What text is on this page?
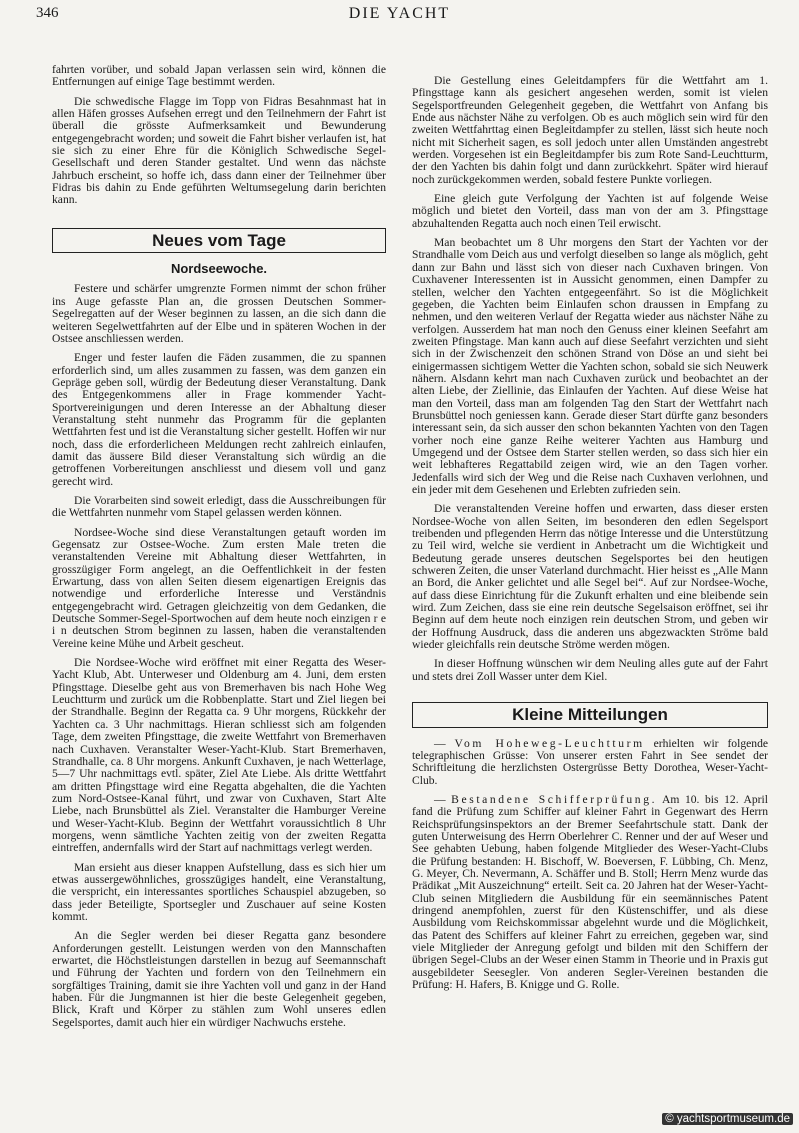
346	DIE YACHT

fahrten vorüber, und sobald Japan verlassen sein wird, können die Entfernungen auf einige Tage bestimmt werden.

Die schwedische Flagge im Topp von Fidras Besahnmast hat in allen Häfen grosses Aufsehen erregt und den Teilnehmern der Fahrt ist überall die grösste Aufmerksamkeit und Bewunderung entgegengebracht worden; und soweit die Fahrt bisher verlaufen ist, hat sie sich zu einer Ehre für die Königlich Schwedische Segel-Gesellschaft und deren Stander gestaltet. Und wenn das nächste Jahrbuch erscheint, so hoffe ich, dass dann einer der Teilnehmer über Fidras bis dahin zu Ende geführten Weltumsegelung darin berichten kann.

Neues vom Tage
Nordseewoche.

Festere und schärfer umgrenzte Formen nimmt der schon früher ins Auge gefasste Plan an, die grossen Deutschen Sommer-Segelregatten auf der Weser beginnen zu lassen, an die sich dann die weiteren Segelwettfahrten auf der Elbe und in späteren Wochen in der Ostsee anschliessen werden.

Enger und fester laufen die Fäden zusammen, die zu spannen erforderlich sind, um alles zusammen zu fassen, was dem ganzen ein Gepräge geben soll, würdig der Bedeutung dieser Veranstaltung. Dank des Entgegenkommens aller in Frage kommender Yacht-Sportvereinigungen und deren Interesse an der Abhaltung dieser Veranstaltung steht nunmehr das Programm für die geplanten Wettfahrten fest und ist die Veranstaltung sicher gestellt. Hoffen wir nur noch, dass die erforderlicheen Meldungen recht zahlreich einlaufen, damit das äussere Bild dieser Veranstaltung sich würdig an die getroffenen Vorbereitungen anschliesst und diesem voll und ganz gerecht wird.

Die Vorarbeiten sind soweit erledigt, dass die Ausschreibungen für die Wettfahrten nunmehr vom Stapel gelassen werden können.

Nordsee-Woche sind diese Veranstaltungen getauft worden im Gegensatz zur Ostsee-Woche. Zum ersten Male treten die veranstaltenden Vereine mit Abhaltung dieser Wettfahrten, in grosszügiger Form angelegt, an die Oeffentlichkeit in der festen Erwartung, dass von allen Seiten diesem eigenartigen Ereignis das notwendige und erforderliche Interesse und Verständnis entgegengebracht wird. Getragen gleichzeitig von dem Gedanken, die Deutsche Sommer-Segel-Sportwochen auf dem heute noch einzigen r e i n deutschen Strom beginnen zu lassen, haben die veranstaltenden Vereine keine Mühe und Arbeit gescheut.

Die Nordsee-Woche wird eröffnet mit einer Regatta des Weser-Yacht Klub, Abt. Unterweser und Oldenburg am 4. Juni, dem ersten Pfingsttage. Dieselbe geht aus von Bremerhaven bis nach Hohe Weg Leuchtturm und zurück um die Robbenplatte. Start und Ziel liegen bei der Strandhalle. Beginn der Regatta ca. 9 Uhr morgens, Rückkehr der Yachten ca. 3 Uhr nachmittags. Hieran schliesst sich am folgenden Tage, dem zweiten Pfingsttage, die zweite Wettfahrt von Bremerhaven nach Cuxhaven. Veranstalter Weser-Yacht-Klub. Start Bremerhaven, Strandhalle, ca. 8 Uhr morgens. Ankunft Cuxhaven, je nach Wetterlage, 5—7 Uhr nachmittags evtl. später, Ziel Ate Liebe. Als dritte Wettfahrt am dritten Pfingsttage wird eine Regatta abgehalten, die die Yachten zum Nord-Ostsee-Kanal führt, und zwar von Cuxhaven, Start Alte Liebe, nach Brunsbüttel als Ziel. Veranstalter die Hamburger Vereine und Weser-Yacht-Klub. Beginn der Wettfahrt voraussichtlich 8 Uhr morgens, wenn sämtliche Yachten zeitig von der zweiten Regatta eintreffen, andernfalls wird der Start auf nachmittags verlegt werden.

Man ersieht aus dieser knappen Aufstellung, dass es sich hier um etwas aussergewöhnliches, grosszügiges handelt, eine Veranstaltung, die verspricht, ein interessantes sportliches Schauspiel abzugeben, so dass jeder Beteiligte, Sportsegler und Zuschauer auf seine Kosten kommt.

An die Segler werden bei dieser Regatta ganz besondere Anforderungen gestellt. Leistungen werden von den Mannschaften erwartet, die Höchstleistungen darstellen in bezug auf Seemannschaft und Führung der Yachten und fordern von den Teilnehmern ein sorgfältiges Training, damit sie ihre Yachten voll und ganz in der Hand haben. Für die Jungmannen ist hier die beste Gelegenheit gegeben, Blick, Kraft und Körper zu stählen zum Wohl unseres edlen Segelsportes, damit auch hier ein würdiger Nachwuchs erstehe.

Die Gestellung eines Geleitdampfers für die Wettfahrt am 1. Pfingsttage kann als gesichert angesehen werden, somit ist vielen Segelsportfreunden Gelegenheit gegeben, die Wettfahrt von Anfang bis Ende aus nächster Nähe zu verfolgen. Ob es auch möglich sein wird für den zweiten Wettfahrttag einen Begleitdampfer zu stellen, lässt sich heute noch nicht mit Sicherheit sagen, es soll jedoch unter allen Umständen angestrebt werden. Vorgesehen ist ein Begleitdampfer bis zum Rote Sand-Leuchtturm, der den Yachten bis dahin folgt und dann zurückkehrt. Später wird hierauf noch zurückgekommen werden, sobald festere Punkte vorliegen.

Eine gleich gute Verfolgung der Yachten ist auf folgende Weise möglich und bietet den Vorteil, dass man von der am 3. Pfingsttage abzuhaltenden Regatta auch noch einen Teil erwischt.

Man beobachtet um 8 Uhr morgens den Start der Yachten vor der Strandhalle vom Deich aus und verfolgt dieselben so lange als möglich, geht dann zur Bahn und lässt sich von dieser nach Cuxhaven bringen. Von Cuxhavener Interessenten ist in Aussicht genommen, einen Dampfer zu stellen, welcher den Yachten entgegeenfährt. So ist die Möglichkeit gegeben, die Yachten beim Einlaufen schon draussen in Empfang zu nehmen, und den weiteren Verlauf der Regatta wieder aus nächster Nähe zu verfolgen. Ausserdem hat man noch den Genuss einer kleinen Seefahrt am zweiten Pfingstage. Man kann auch auf diese Seefahrt verzichten und sieht sich in der Zwischenzeit den schönen Strand von Döse an und sieht bei einigermassen sichtigem Wetter die Yachten schon, sobald sie sich Neuwerk nähern. Alsdann kehrt man nach Cuxhaven zurück und beobachtet an der alten Liebe, der Ziellinie, das Einlaufen der Yachten. Auf diese Weise hat man den Vorteil, dass man am folgenden Tag den Start der Wettfahrt nach Brunsbüttel noch geniessen kann. Gerade dieser Start dürfte ganz besonders interessant sein, da sich ausser den schon bekannten Yachten von den Tagen vorher noch eine ganze Reihe weiterer Yachten aus Hamburg und Umgegend und der Ostsee dem Starter stellen werden, so dass sich hier ein weit lebhafteres Regattabild zeigen wird, wie an den Tagen vorher. Jedenfalls wird sich der Weg und die Reise nach Cuxhaven verlohnen, und ein jeder mit dem Gesehenen und Erlebten zufrieden sein.

Die veranstaltenden Vereine hoffen und erwarten, dass dieser ersten Nordsee-Woche von allen Seiten, im besonderen den edlen Segelsport treibenden und pflegenden Herrn das nötige Interesse und die Unterstützung zu Teil wird, welche sie verdient in Anbetracht um die Wichtigkeit und Bedeutung gerade unseres deutschen Segelsportes bei den heutigen schweren Zeiten, die unser Vaterland durchmacht. Hier heisst es „Alle Mann an Bord, die Anker gelichtet und alle Segel bei“. Auf zur Nordsee-Woche, auf dass diese Einrichtung für die Zukunft erhalten und eine bleibende sein wird. Zum Zeichen, dass sie eine rein deutsche Segelsaison eröffnet, sei ihr Beginn auf dem heute noch einzigen rein deutschen Strom, und geben wir der Hoffnung Ausdruck, dass die anderen uns abgezwackten Ströme bald wieder gleichfalls rein deutsche Ströme werden mögen.

In dieser Hoffnung wünschen wir dem Neuling alles gute auf der Fahrt und stets drei Zoll Wasser unter dem Kiel.

Kleine Mitteilungen

— Vom Hoheweg-Leuchtturm erhielten wir folgende telegraphischen Grüsse: Von unserer ersten Fahrt in See sendet der Schriftleitung die herzlichsten Ostergrüsse Betty Dorothea, Weser-Yacht-Club.

— Bestandene Schifferprüfung. Am 10. bis 12. April fand die Prüfung zum Schiffer auf kleiner Fahrt in Gegenwart des Herrn Reichsprüfungsinspektors an der Bremer Seefahrtschule statt. Dank der guten Unterweisung des Herrn Oberlehrer C. Renner und der auf Weser und See gehabten Uebung, haben folgende Mitglieder des Weser-Yacht-Clubs die Prüfung bestanden: H. Bischoff, W. Boeversen, F. Lübbing, Ch. Menz, G. Meyer, Ch. Nevermann, A. Schäffer und B. Stoll; Herrn Menz wurde das Prädikat „Mit Auszeichnung“ erteilt. Seit ca. 20 Jahren hat der Weser-Yacht-Club seinen Mitgliedern die Ausbildung für ein seemännisches Patent dringend anempfohlen, zuerst für den Küstenschiffer, und als diese Ausbildung vom Reichskommissar abgelehnt wurde und die Möglichkeit, das Patent des Schiffers auf kleiner Fahrt zu erreichen, gegeben war, sind viele Mitglieder der Anregung gefolgt und bilden mit den Schiffern der übrigen Segel-Clubs an der Weser einen Stamm in Theorie und in Praxis gut ausgebildeter Seesegler. Von anderen Segler-Vereinen bestanden die Prüfung: H. Hafers, B. Knigge und G. Rolle.

© yachtsportmuseum.de
